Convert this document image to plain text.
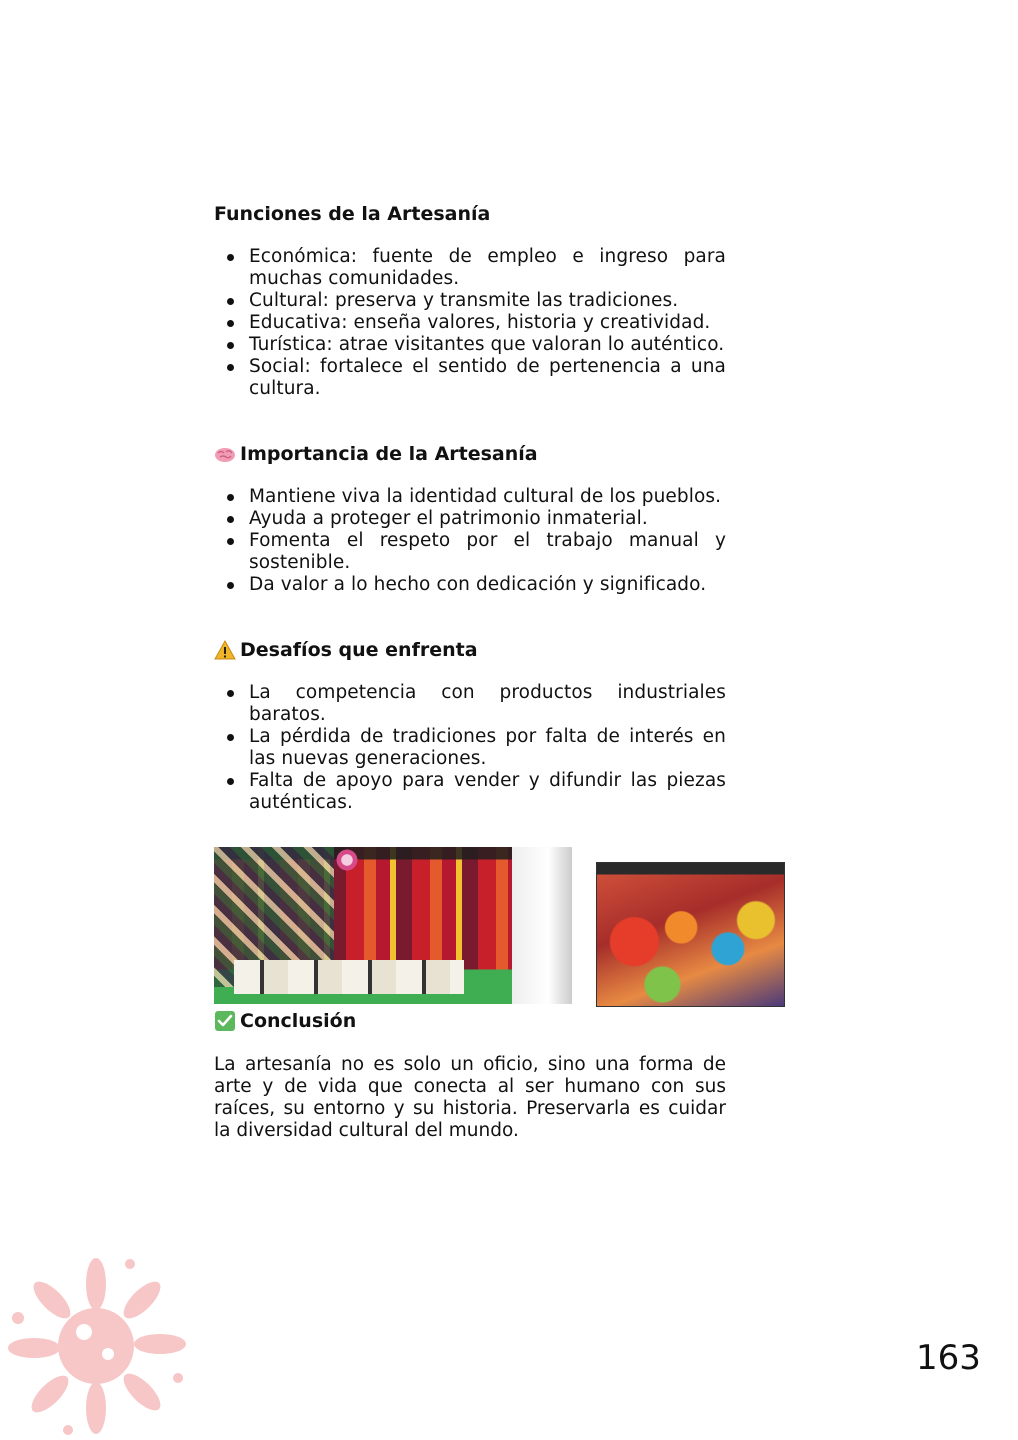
Funciones de la Artesanía
Económica: fuente de empleo e ingreso para muchas comunidades.
Cultural: preserva y transmite las tradiciones.
Educativa: enseña valores, historia y creatividad.
Turística: atrae visitantes que valoran lo auténtico.
Social: fortalece el sentido de pertenencia a una cultura.
Importancia de la Artesanía
Mantiene viva la identidad cultural de los pueblos.
Ayuda a proteger el patrimonio inmaterial.
Fomenta el respeto por el trabajo manual y sostenible.
Da valor a lo hecho con dedicación y significado.
Desafíos que enfrenta
La competencia con productos industriales baratos.
La pérdida de tradiciones por falta de interés en las nuevas generaciones.
Falta de apoyo para vender y difundir las piezas auténticas.
Conclusión

La artesanía no es solo un oficio, sino una forma de arte y de vida que conecta al ser humano con sus raíces, su entorno y su historia. Preservarla es cuidar la diversidad cultural del mundo.

163
